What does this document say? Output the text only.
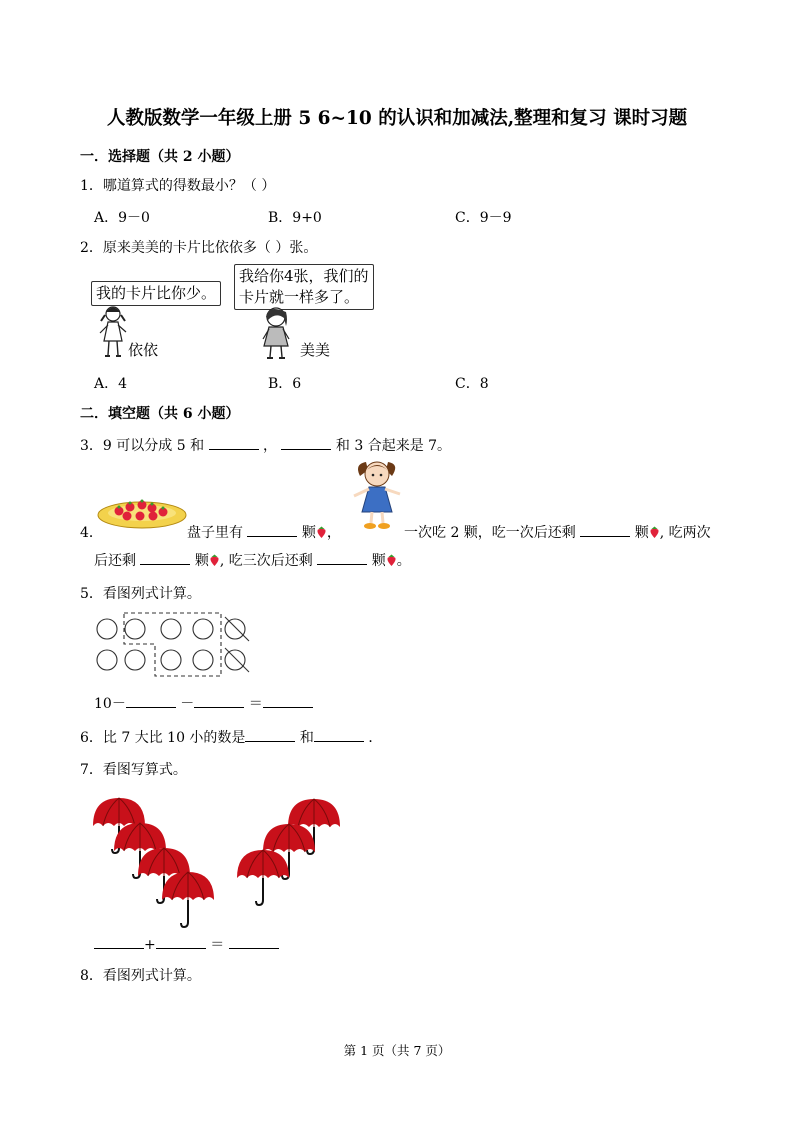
人教版数学一年级上册 5 6~10 的认识和加减法,整理和复习 课时习题
一．选择题（共 2 小题）
1．哪道算式的得数最小？（ ）
A．9－0	B．9+0	C．9－9
2．原来美美的卡片比依依多（ ）张。
我的卡片比你少。
我给你4张，我们的
卡片就一样多了。
依依	美美
A．4	B．6	C．8
二．填空题（共 6 小题）
3．9 可以分成 5 和	，	和 3 合起来是 7。
4．	盘子里有	颗 ，	一次吃 2 颗，吃一次后还剩	颗 , 吃两次
后还剩	颗 , 吃三次后还剩	颗 。
5．看图列式计算。
10－	－	＝
6．比 7 大比 10 小的数是	和	．
7．看图写算式。
+	＝
8．看图列式计算。
第 1 页（共 7 页）
